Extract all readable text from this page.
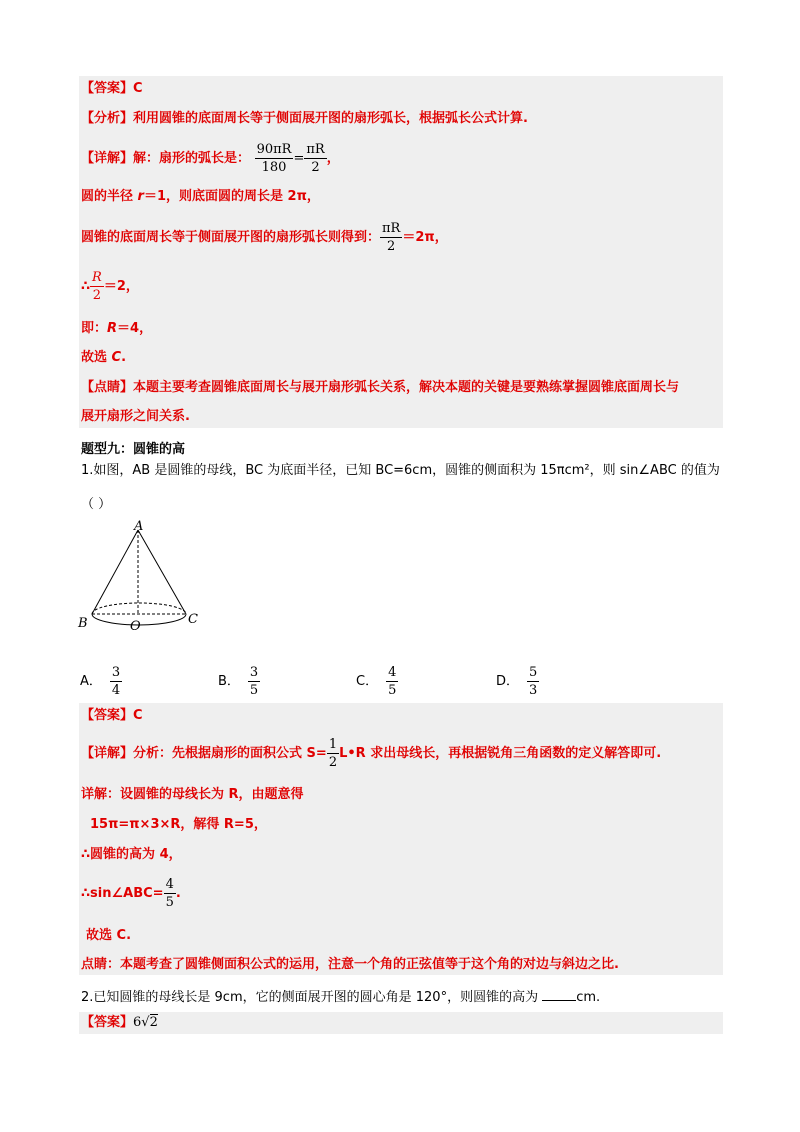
【答案】C
【分析】利用圆锥的底面周长等于侧面展开图的扇形弧长，根据弧长公式计算.
【详解】解：扇形的弧长是： $\frac{90\pi R}{180} = \frac{\pi R}{2}$ ，
圆的半径 r＝1，则底面圆的周长是 2π，
圆锥的底面周长等于侧面展开图的扇形弧长则得到： $\frac{\pi R}{2} =2\pi$，
∴ $\frac{R}{2} =2$，
即：R＝4，
故选 C.
【点睛】本题主要考查圆锥底面周长与展开扇形弧长关系，解决本题的关键是要熟练掌握圆锥底面周长与
展开扇形之间关系.
题型九：圆锥的高
1.如图，AB 是圆锥的母线，BC 为底面半径，已知 BC=6cm，圆锥的侧面积为 15πcm²，则 sin∠ABC 的值为
（ ）
A
B	C
O
A． $\frac{3}{4}$	B． $\frac{3}{5}$	C． $\frac{4}{5}$	D． $\frac{5}{3}$
【答案】C
【详解】分析：先根据扇形的面积公式 $S= \frac{1}{2}$ L•R 求出母线长，再根据锐角三角函数的定义解答即可.
详解：设圆锥的母线长为 R，由题意得
15π=π×3×R，解得 R=5，
∴圆锥的高为 4，
∴sin∠ABC= $\frac{4}{5}$ .
故选 C.
点睛：本题考查了圆锥侧面积公式的运用，注意一个角的正弦值等于这个角的对边与斜边之比.
2.已知圆锥的母线长是 9cm，它的侧面展开图的圆心角是 120°，则圆锥的高为	cm.
【答案】6√2
